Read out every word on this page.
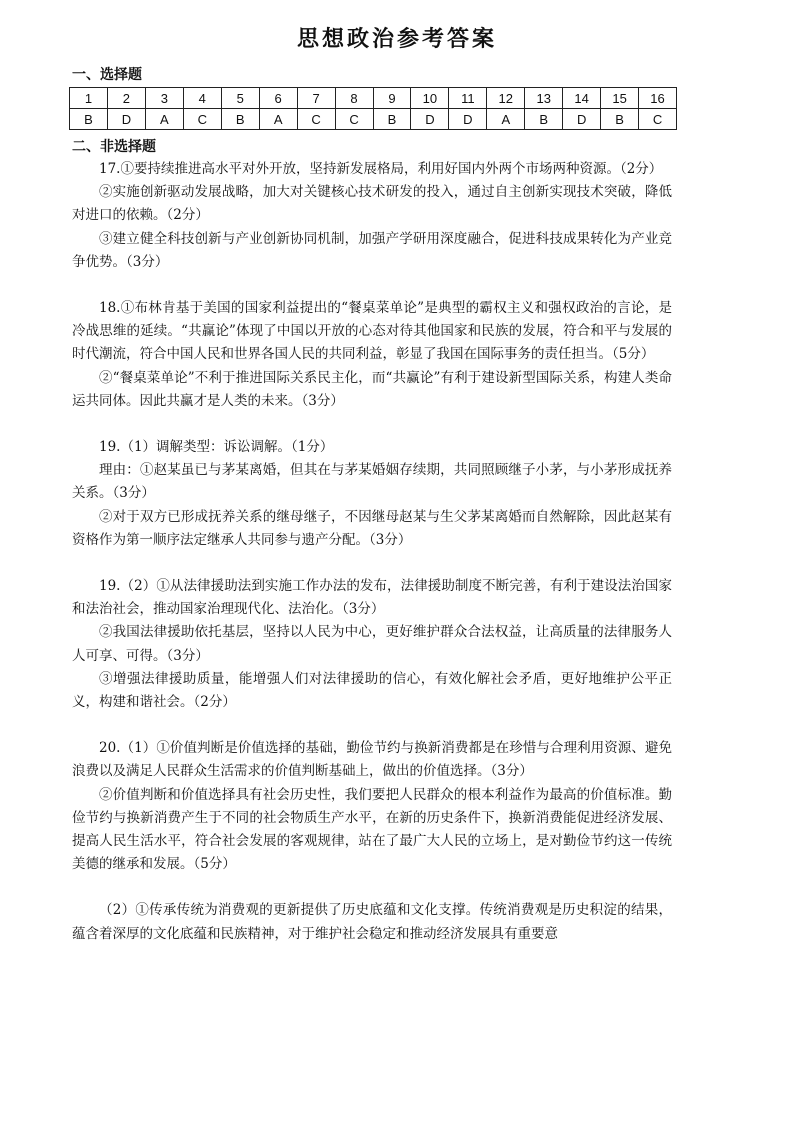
思想政治参考答案
一、选择题
1	2	3	4	5	6	7	8	9	10	11	12	13	14	15	16
B	D	A	C	B	A	C	C	B	D	D	A	B	D	B	C
二、非选择题

17.①要持续推进高水平对外开放，坚持新发展格局，利用好国内外两个市场两种资源。（2分）

②实施创新驱动发展战略，加大对关键核心技术研发的投入，通过自主创新实现技术突破，降低对进口的依赖。（2分）

③建立健全科技创新与产业创新协同机制，加强产学研用深度融合，促进科技成果转化为产业竞争优势。（3分）

18.①布林肯基于美国的国家利益提出的“餐桌菜单论”是典型的霸权主义和强权政治的言论，是冷战思维的延续。“共赢论”体现了中国以开放的心态对待其他国家和民族的发展，符合和平与发展的时代潮流，符合中国人民和世界各国人民的共同利益，彰显了我国在国际事务的责任担当。（5分）

②“餐桌菜单论”不利于推进国际关系民主化，而“共赢论”有利于建设新型国际关系，构建人类命运共同体。因此共赢才是人类的未来。（3分）

19.（1）调解类型：诉讼调解。（1分）

理由：①赵某虽已与茅某离婚，但其在与茅某婚姻存续期，共同照顾继子小茅，与小茅形成抚养关系。（3分）

②对于双方已形成抚养关系的继母继子，不因继母赵某与生父茅某离婚而自然解除，因此赵某有资格作为第一顺序法定继承人共同参与遗产分配。（3分）

19.（2）①从法律援助法到实施工作办法的发布，法律援助制度不断完善，有利于建设法治国家和法治社会，推动国家治理现代化、法治化。（3分）

②我国法律援助依托基层，坚持以人民为中心，更好维护群众合法权益，让高质量的法律服务人人可享、可得。（3分）

③增强法律援助质量，能增强人们对法律援助的信心，有效化解社会矛盾，更好地维护公平正义，构建和谐社会。（2分）

20.（1）①价值判断是价值选择的基础，勤俭节约与换新消费都是在珍惜与合理利用资源、避免浪费以及满足人民群众生活需求的价值判断基础上，做出的价值选择。（3分）

②价值判断和价值选择具有社会历史性，我们要把人民群众的根本利益作为最高的价值标准。勤俭节约与换新消费产生于不同的社会物质生产水平，在新的历史条件下，换新消费能促进经济发展、提高人民生活水平，符合社会发展的客观规律，站在了最广大人民的立场上，是对勤俭节约这一传统美德的继承和发展。（5分）

（2）①传承传统为消费观的更新提供了历史底蕴和文化支撑。传统消费观是历史积淀的结果，蕴含着深厚的文化底蕴和民族精神，对于维护社会稳定和推动经济发展具有重要意
